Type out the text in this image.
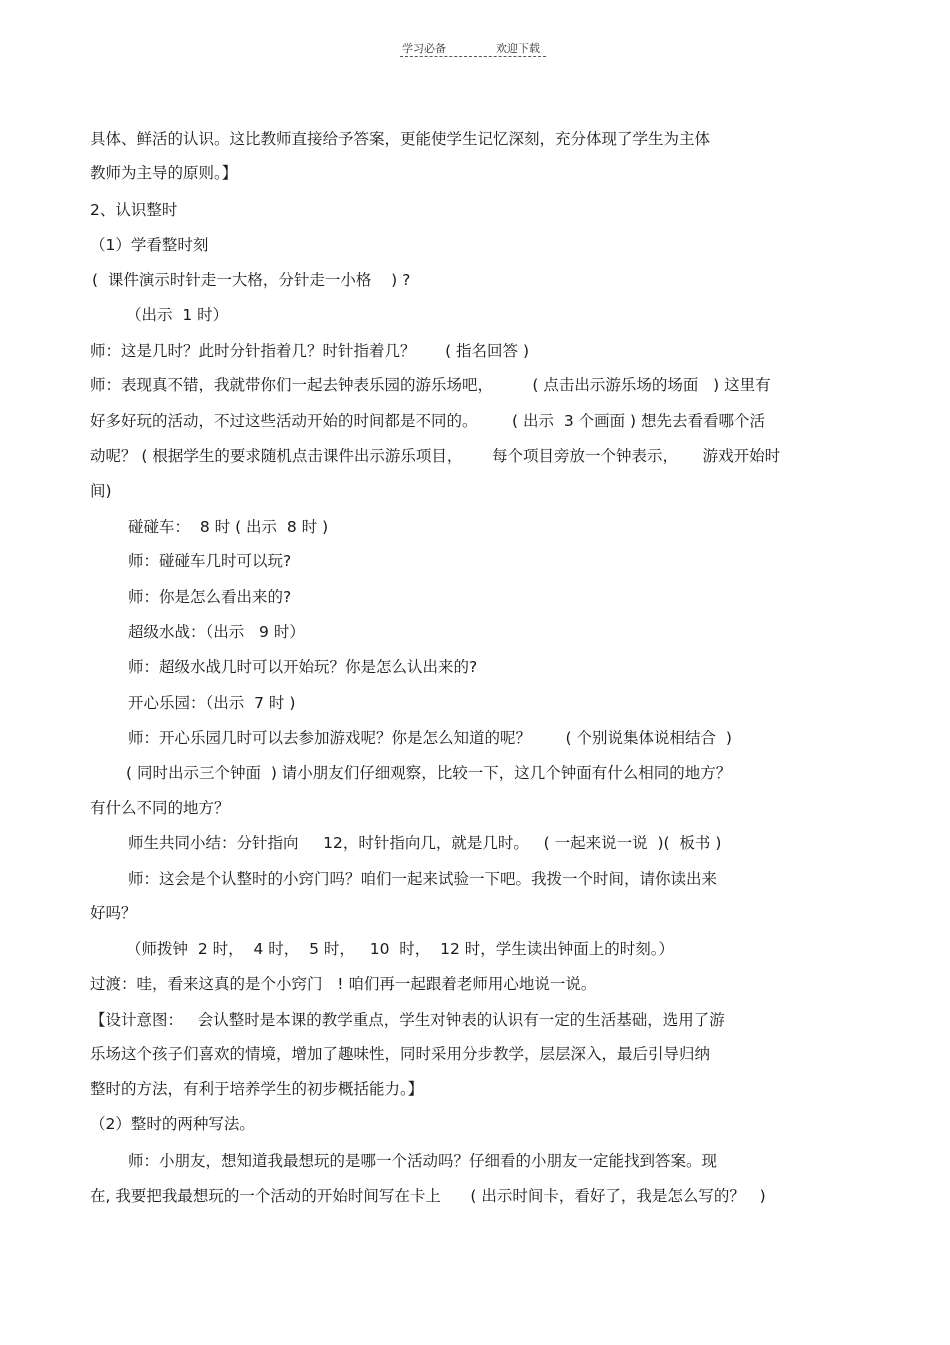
学习必备	欢迎下载
具体、鲜活的认识。这比教师直接给予答案，更能使学生记忆深刻，充分体现了学生为主体
教师为主导的原则。】
2、认识整时
（1）学看整时刻
(  课件演示时针走一大格，分针走一小格    ) ?
（出示  1 时）
师：这是几时？此时分针指着几？时针指着几？      ( 指名回答 )
师：表现真不错，我就带你们一起去钟表乐园的游乐场吧，        ( 点击出示游乐场的场面   ) 这里有
好多好玩的活动，不过这些活动开始的时间都是不同的。       ( 出示  3 个画面 ) 想先去看看哪个活
动呢？ ( 根据学生的要求随机点击课件出示游乐项目，      每个项目旁放一个钟表示，     游戏开始时
间)
碰碰车：  8 时 ( 出示  8 时 )
师：碰碰车几时可以玩?
师：你是怎么看出来的?
超级水战：（出示   9 时）
师：超级水战几时可以开始玩？你是怎么认出来的?
开心乐园：（出示  7 时 )
师：开心乐园几时可以去参加游戏呢？你是怎么知道的呢？       ( 个别说集体说相结合  )
( 同时出示三个钟面  ) 请小朋友们仔细观察，比较一下，这几个钟面有什么相同的地方？
有什么不同的地方？
师生共同小结：分针指向     12，时针指向几，就是几时。   ( 一起来说一说  )(  板书 )
师：这会是个认整时的小窍门吗？咱们一起来试验一下吧。我拨一个时间，请你读出来
好吗？
（师拨钟  2 时，  4 时，  5 时，   10  时，  12 时，学生读出钟面上的时刻。）
过渡：哇，看来这真的是个小窍门   ! 咱们再一起跟着老师用心地说一说。
【设计意图：   会认整时是本课的教学重点，学生对钟表的认识有一定的生活基础，选用了游
乐场这个孩子们喜欢的情境，增加了趣味性，同时采用分步教学，层层深入，最后引导归纳
整时的方法，有利于培养学生的初步概括能力。】
（2）整时的两种写法。
师：小朋友，想知道我最想玩的是哪一个活动吗？仔细看的小朋友一定能找到答案。现
在, 我要把我最想玩的一个活动的开始时间写在卡上      ( 出示时间卡，看好了，我是怎么写的？   )
